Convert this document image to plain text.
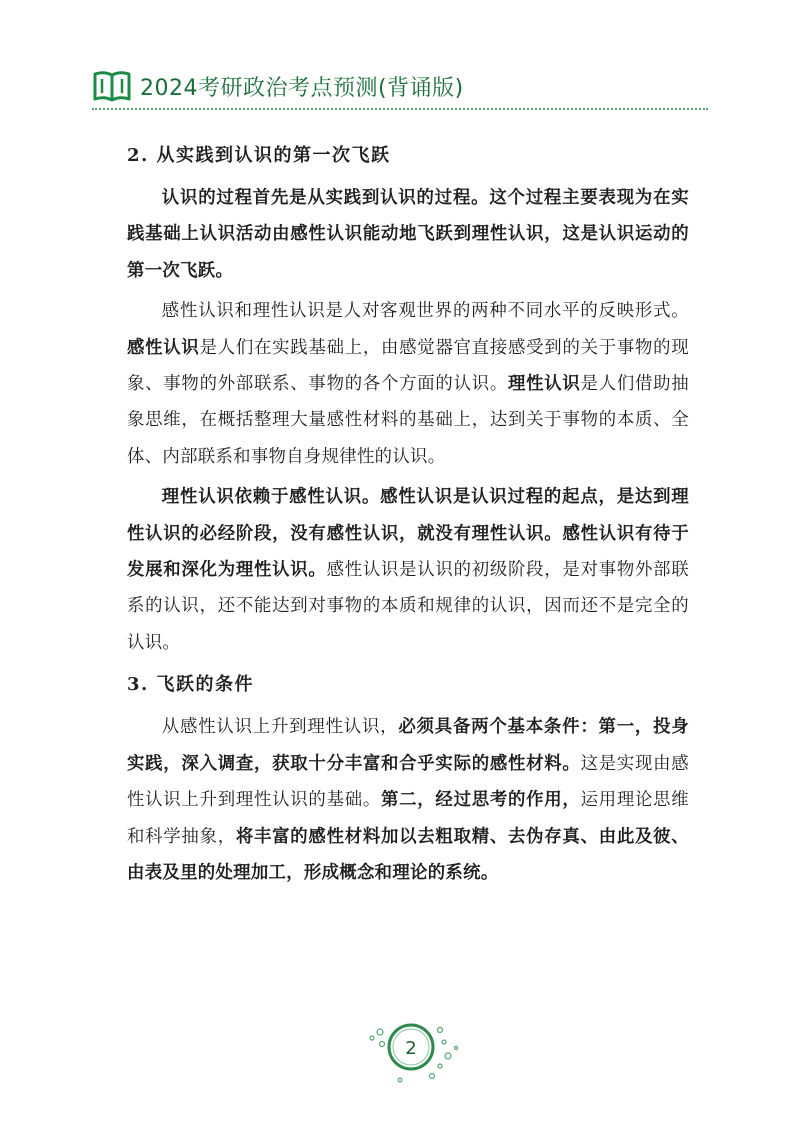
2024考研政治考点预测(背诵版)
2. 从实践到认识的第一次飞跃

认识的过程首先是从实践到认识的过程。这个过程主要表现为在实践基础上认识活动由感性认识能动地飞跃到理性认识，这是认识运动的第一次飞跃。

感性认识和理性认识是人对客观世界的两种不同水平的反映形式。感性认识是人们在实践基础上，由感觉器官直接感受到的关于事物的现象、事物的外部联系、事物的各个方面的认识。理性认识是人们借助抽象思维，在概括整理大量感性材料的基础上，达到关于事物的本质、全体、内部联系和事物自身规律性的认识。

理性认识依赖于感性认识。感性认识是认识过程的起点，是达到理性认识的必经阶段，没有感性认识，就没有理性认识。感性认识有待于发展和深化为理性认识。感性认识是认识的初级阶段，是对事物外部联系的认识，还不能达到对事物的本质和规律的认识，因而还不是完全的认识。

3. 飞跃的条件

从感性认识上升到理性认识，必须具备两个基本条件：第一，投身实践，深入调查，获取十分丰富和合乎实际的感性材料。这是实现由感性认识上升到理性认识的基础。第二，经过思考的作用，运用理论思维和科学抽象，将丰富的感性材料加以去粗取精、去伪存真、由此及彼、由表及里的处理加工，形成概念和理论的系统。

2
